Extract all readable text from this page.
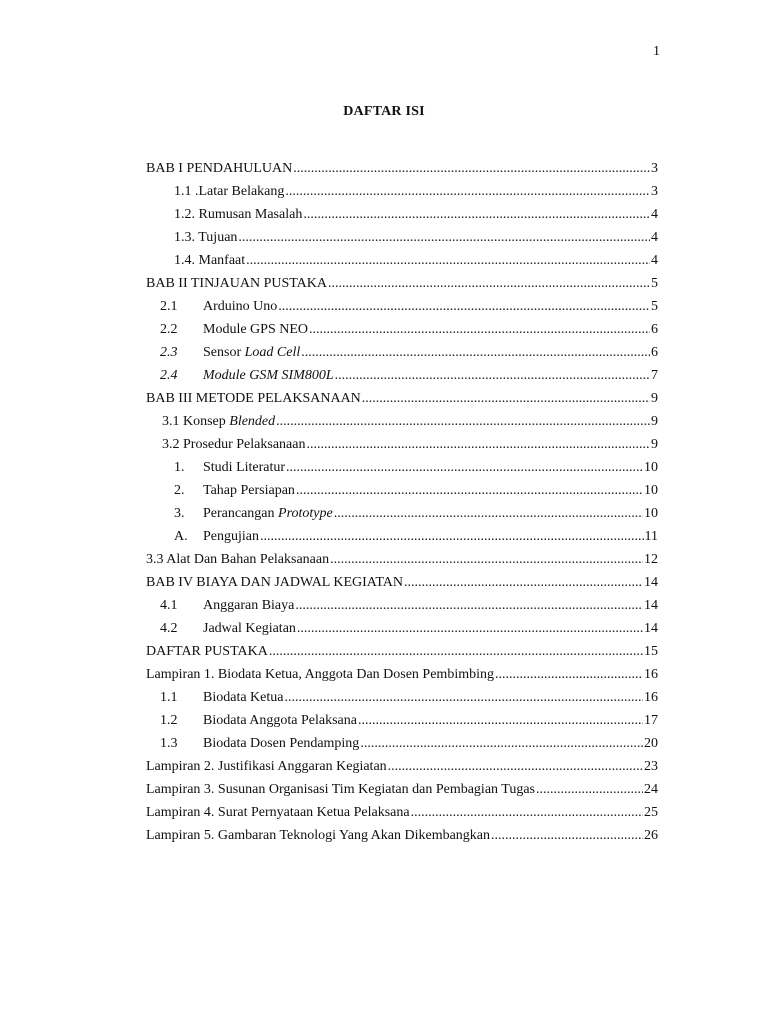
1
DAFTAR ISI
BAB I PENDAHULUAN .....	3
1.1 .Latar Belakang .....	3
1.2. Rumusan Masalah .....	4
1.3. Tujuan .....	4
1.4. Manfaat .....	4
BAB II TINJAUAN PUSTAKA .....	5
2.1	Arduino Uno .....	5
2.2	Module GPS NEO .....	6
2.3	Sensor Load Cell .....	6
2.4	Module GSM SIM800L .....	7
BAB III METODE PELAKSANAAN .....	9
3.1 Konsep Blended .....	9
3.2 Prosedur Pelaksanaan .....	9
1.	Studi Literatur .....	10
2.	Tahap Persiapan .....	10
3.	Perancangan Prototype .....	10
A.	Pengujian .....	11
3.3 Alat Dan Bahan Pelaksanaan .....	12
BAB IV BIAYA DAN JADWAL KEGIATAN .....	14
4.1	Anggaran Biaya .....	14
4.2	Jadwal Kegiatan .....	14
DAFTAR PUSTAKA .....	15
Lampiran 1. Biodata Ketua, Anggota Dan Dosen Pembimbing .....	16
1.1	Biodata Ketua .....	16
1.2	Biodata Anggota Pelaksana .....	17
1.3	Biodata Dosen Pendamping .....	20
Lampiran 2. Justifikasi Anggaran Kegiatan .....	23
Lampiran 3. Susunan Organisasi Tim Kegiatan dan Pembagian Tugas .....	24
Lampiran 4. Surat Pernyataan Ketua Pelaksana .....	25
Lampiran 5. Gambaran Teknologi Yang Akan Dikembangkan .....	26
